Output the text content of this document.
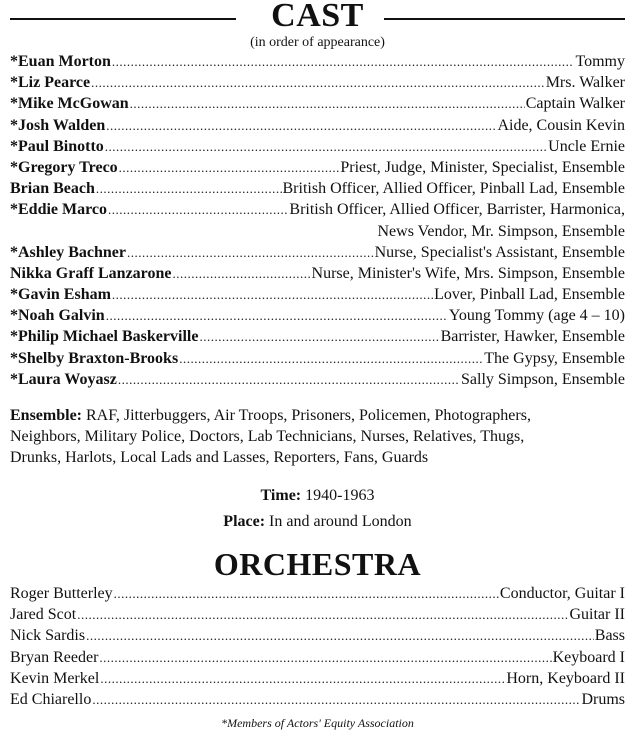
CAST
(in order of appearance)
*Euan Morton .....	Tommy
*Liz Pearce .....	Mrs. Walker
*Mike McGowan .....	Captain Walker
*Josh Walden .....	Aide, Cousin Kevin
*Paul Binotto .....	Uncle Ernie
*Gregory Treco .....	Priest, Judge, Minister, Specialist, Ensemble
Brian Beach .....	British Officer, Allied Officer, Pinball Lad, Ensemble
*Eddie Marco .....	British Officer, Allied Officer, Barrister, Harmonica,
News Vendor, Mr. Simpson, Ensemble
*Ashley Bachner .....	Nurse, Specialist's Assistant, Ensemble
Nikka Graff Lanzarone .....	Nurse, Minister's Wife, Mrs. Simpson, Ensemble
*Gavin Esham .....	Lover, Pinball Lad, Ensemble
*Noah Galvin .....	Young Tommy (age 4 – 10)
*Philip Michael Baskerville .....	Barrister, Hawker, Ensemble
*Shelby Braxton-Brooks .....	The Gypsy, Ensemble
*Laura Woyasz .....	Sally Simpson, Ensemble
Ensemble: RAF, Jitterbuggers, Air Troops, Prisoners, Policemen, Photographers,
Neighbors, Military Police, Doctors, Lab Technicians, Nurses, Relatives, Thugs,
Drunks, Harlots, Local Lads and Lasses, Reporters, Fans, Guards
Time: 1940-1963
Place: In and around London
ORCHESTRA
Roger Butterley .....	Conductor, Guitar I
Jared Scot .....	Guitar II
Nick Sardis .....	Bass
Bryan Reeder .....	Keyboard I
Kevin Merkel .....	Horn, Keyboard II
Ed Chiarello .....	Drums
*Members of Actors' Equity Association
